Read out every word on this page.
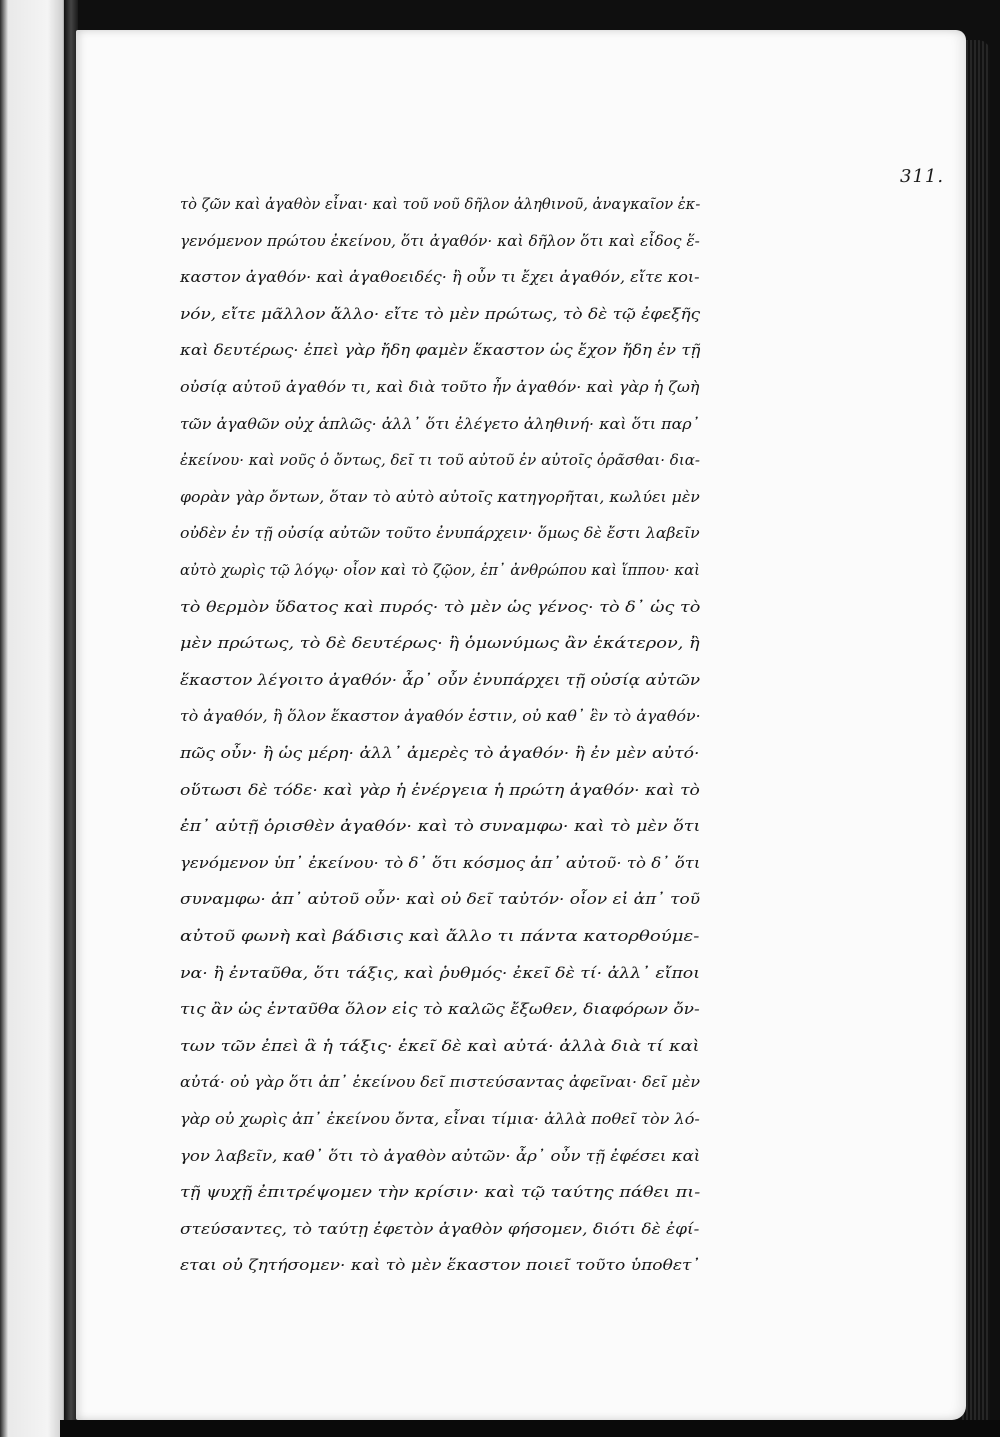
311.
τὸ ζῶν καὶ ἀγαθὸν εἶναι· καὶ τοῦ νοῦ δῆλον ἀληθινοῦ, ἀναγκαῖον ἐκ-
γενόμενον πρώτου ἐκείνου, ὅτι ἀγαθόν· καὶ δῆλον ὅτι καὶ εἶδος ἕ-
καστον ἀγαθόν· καὶ ἀγαθοειδές· ἢ οὖν τι ἔχει ἀγαθόν, εἴτε κοι-
νόν, εἴτε μᾶλλον ἄλλο· εἴτε τὸ μὲν πρώτως, τὸ δὲ τῷ ἐφεξῆς
καὶ δευτέρως· ἐπεὶ γὰρ ἤδη φαμὲν ἕκαστον ὡς ἔχον ἤδη ἐν τῇ
οὐσίᾳ αὐτοῦ ἀγαθόν τι, καὶ διὰ τοῦτο ἦν ἀγαθόν· καὶ γὰρ ἡ ζωὴ
τῶν ἀγαθῶν οὐχ ἁπλῶς· ἀλλ᾽ ὅτι ἐλέγετο ἀληθινή· καὶ ὅτι παρ᾽
ἐκείνου· καὶ νοῦς ὁ ὄντως, δεῖ τι τοῦ αὐτοῦ ἐν αὐτοῖς ὁρᾶσθαι· δια-
φορὰν γὰρ ὄντων, ὅταν τὸ αὐτὸ αὐτοῖς κατηγορῆται, κωλύει μὲν
οὐδὲν ἐν τῇ οὐσίᾳ αὐτῶν τοῦτο ἐνυπάρχειν· ὅμως δὲ ἔστι λαβεῖν
αὐτὸ χωρὶς τῷ λόγῳ· οἷον καὶ τὸ ζῷον, ἐπ᾽ ἀνθρώπου καὶ ἵππου· καὶ
τὸ θερμὸν ὕδατος καὶ πυρός· τὸ μὲν ὡς γένος· τὸ δ᾽ ὡς τὸ
μὲν πρώτως, τὸ δὲ δευτέρως· ἢ ὁμωνύμως ἂν ἑκάτερον, ἢ
ἕκαστον λέγοιτο ἀγαθόν· ἆρ᾽ οὖν ἐνυπάρχει τῇ οὐσίᾳ αὐτῶν
τὸ ἀγαθόν, ἢ ὅλον ἕκαστον ἀγαθόν ἐστιν, οὐ καθ᾽ ἓν τὸ ἀγαθόν·
πῶς οὖν· ἢ ὡς μέρη· ἀλλ᾽ ἀμερὲς τὸ ἀγαθόν· ἢ ἐν μὲν αὐτό·
οὕτωσι δὲ τόδε· καὶ γὰρ ἡ ἐνέργεια ἡ πρώτη ἀγαθόν· καὶ τὸ
ἐπ᾽ αὐτῇ ὁρισθὲν ἀγαθόν· καὶ τὸ συναμφω· καὶ τὸ μὲν ὅτι
γενόμενον ὑπ᾽ ἐκείνου· τὸ δ᾽ ὅτι κόσμος ἀπ᾽ αὐτοῦ· τὸ δ᾽ ὅτι
συναμφω· ἀπ᾽ αὐτοῦ οὖν· καὶ οὐ δεῖ ταὐτόν· οἷον εἰ ἀπ᾽ τοῦ
αὐτοῦ φωνὴ καὶ βάδισις καὶ ἄλλο τι πάντα κατορθούμε-
να· ἢ ἐνταῦθα, ὅτι τάξις, καὶ ῥυθμός· ἐκεῖ δὲ τί· ἀλλ᾽ εἴποι
τις ἂν ὡς ἐνταῦθα ὅλον εἰς τὸ καλῶς ἔξωθεν, διαφόρων ὄν-
των τῶν ἐπεὶ ἃ ἡ τάξις· ἐκεῖ δὲ καὶ αὐτά· ἀλλὰ διὰ τί καὶ
αὐτά· οὐ γὰρ ὅτι ἀπ᾽ ἐκείνου δεῖ πιστεύσαντας ἀφεῖναι· δεῖ μὲν
γὰρ οὐ χωρὶς ἀπ᾽ ἐκείνου ὄντα, εἶναι τίμια· ἀλλὰ ποθεῖ τὸν λό-
γον λαβεῖν, καθ᾽ ὅτι τὸ ἀγαθὸν αὐτῶν· ἆρ᾽ οὖν τῇ ἐφέσει καὶ
τῇ ψυχῇ ἐπιτρέψομεν τὴν κρίσιν· καὶ τῷ ταύτης πάθει πι-
στεύσαντες, τὸ ταύτῃ ἐφετὸν ἀγαθὸν φήσομεν, διότι δὲ ἐφί-
εται οὐ ζητήσομεν· καὶ τὸ μὲν ἕκαστον ποιεῖ τοῦτο ὑποθετ᾽
